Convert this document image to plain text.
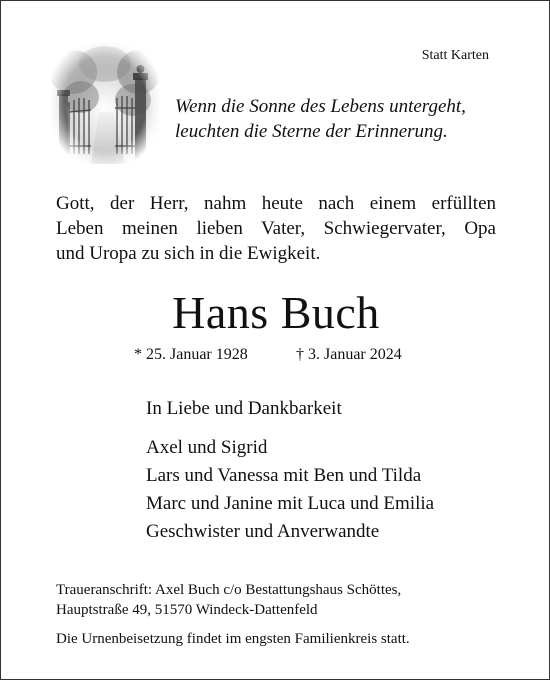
Statt Karten
Wenn die Sonne des Lebens untergeht,
leuchten die Sterne der Erinnerung.
Gott, der Herr, nahm heute nach einem erfüllten
Leben meinen lieben Vater, Schwiegervater, Opa
und Uropa zu sich in die Ewigkeit.
Hans Buch
* 25. Januar 1928	† 3. Januar 2024
In Liebe und Dankbarkeit
Axel und Sigrid
Lars und Vanessa mit Ben und Tilda
Marc und Janine mit Luca und Emilia
Geschwister und Anverwandte
Traueranschrift: Axel Buch c/o Bestattungshaus Schöttes,
Hauptstraße 49, 51570 Windeck-Dattenfeld
Die Urnenbeisetzung findet im engsten Familienkreis statt.
